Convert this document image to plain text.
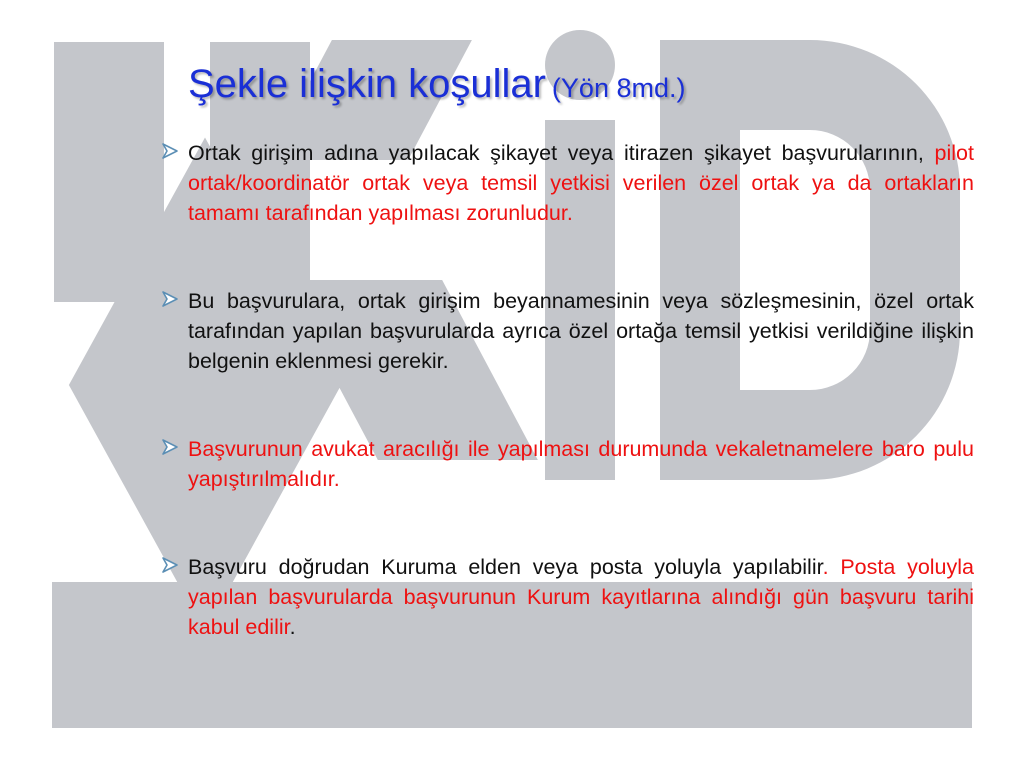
Şekle ilişkin koşullar (Yön 8md.)

Ortak girişim adına yapılacak şikayet veya itirazen şikayet başvurularının, pilot ortak/koordinatör ortak veya temsil yetkisi verilen özel ortak ya da ortakların tamamı tarafından yapılması zorunludur.

Bu başvurulara, ortak girişim beyannamesinin veya sözleşmesinin, özel ortak tarafından yapılan başvurularda ayrıca özel ortağa temsil yetkisi verildiğine ilişkin belgenin eklenmesi gerekir.

Başvurunun avukat aracılığı ile yapılması durumunda vekaletnamelere baro pulu yapıştırılmalıdır.

Başvuru doğrudan Kuruma elden veya posta yoluyla yapılabilir. Posta yoluyla yapılan başvurularda başvurunun Kurum kayıtlarına alındığı gün başvuru tarihi kabul edilir.
